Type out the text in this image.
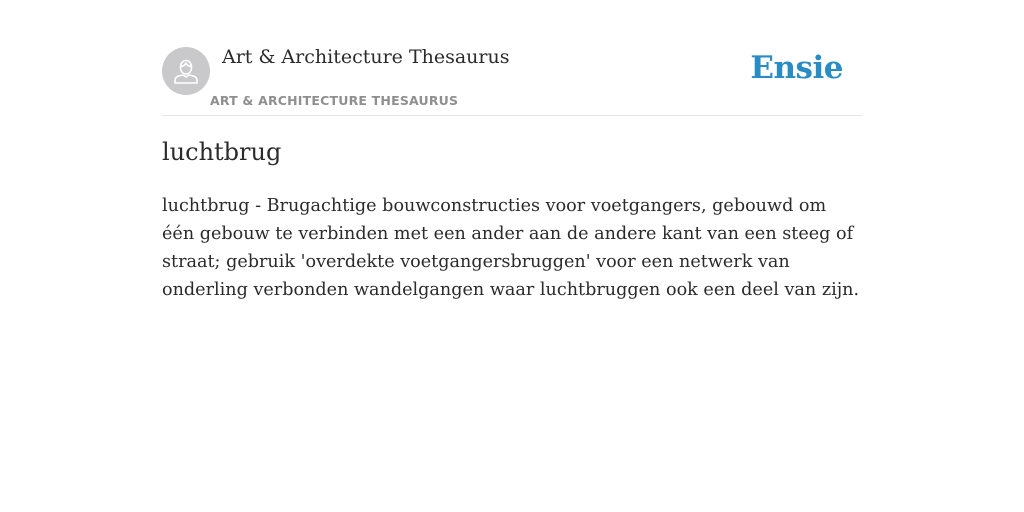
Art & Architecture Thesaurus
ART & ARCHITECTURE THESAURUS
Ensie
luchtbrug

luchtbrug - Brugachtige bouwconstructies voor voetgangers, gebouwd om één gebouw te verbinden met een ander aan de andere kant van een steeg of straat; gebruik 'overdekte voetgangersbruggen' voor een netwerk van onderling verbonden wandelgangen waar luchtbruggen ook een deel van zijn.
